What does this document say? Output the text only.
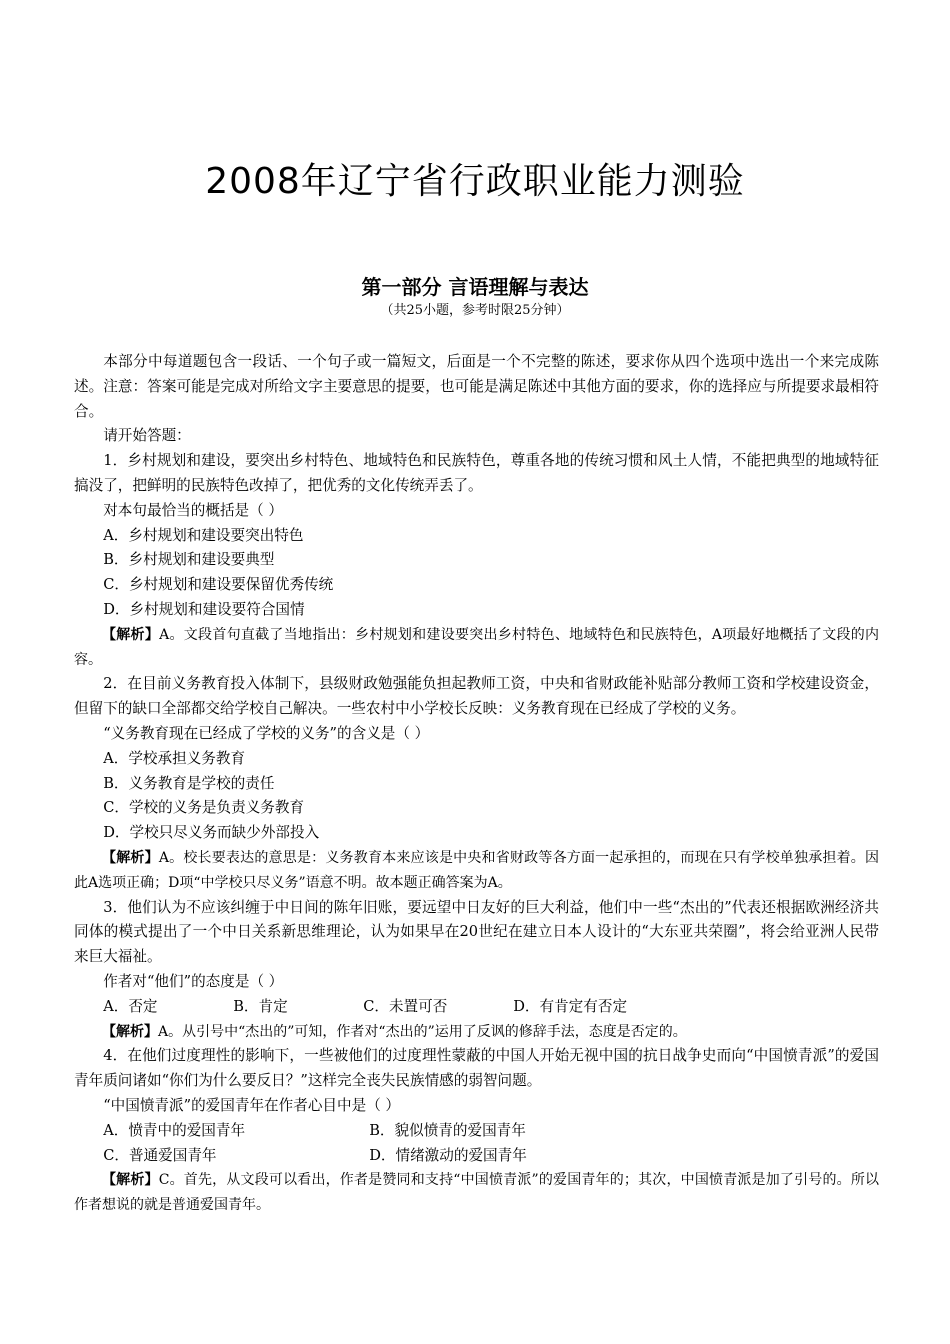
2008年辽宁省行政职业能力测验
第一部分 言语理解与表达
（共25小题，参考时限25分钟）

本部分中每道题包含一段话、一个句子或一篇短文，后面是一个不完整的陈述，要求你从四个选项中选出一个来完成陈述。注意：答案可能是完成对所给文字主要意思的提要，也可能是满足陈述中其他方面的要求，你的选择应与所提要求最相符合。

请开始答题：

1．乡村规划和建设，要突出乡村特色、地域特色和民族特色，尊重各地的传统习惯和风土人情，不能把典型的地域特征搞没了，把鲜明的民族特色改掉了，把优秀的文化传统弄丢了。

对本句最恰当的概括是（ ）

A．乡村规划和建设要突出特色

B．乡村规划和建设要典型

C．乡村规划和建设要保留优秀传统

D．乡村规划和建设要符合国情

【解析】A。文段首句直截了当地指出：乡村规划和建设要突出乡村特色、地域特色和民族特色，A项最好地概括了文段的内容。

2．在目前义务教育投入体制下，县级财政勉强能负担起教师工资，中央和省财政能补贴部分教师工资和学校建设资金，但留下的缺口全部都交给学校自己解决。一些农村中小学校长反映：义务教育现在已经成了学校的义务。

“义务教育现在已经成了学校的义务”的含义是（ ）

A．学校承担义务教育

B．义务教育是学校的责任

C．学校的义务是负责义务教育

D．学校只尽义务而缺少外部投入

【解析】A。校长要表达的意思是：义务教育本来应该是中央和省财政等各方面一起承担的，而现在只有学校单独承担着。因此A选项正确；D项“中学校只尽义务”语意不明。故本题正确答案为A。

3．他们认为不应该纠缠于中日间的陈年旧账，要远望中日友好的巨大利益，他们中一些“杰出的”代表还根据欧洲经济共同体的模式提出了一个中日关系新思维理论，认为如果早在20世纪在建立日本人设计的“大东亚共荣圈”，将会给亚洲人民带来巨大福祉。

作者对“他们”的态度是（ ）

A．否定	B．肯定	C．未置可否	D．有肯定有否定

【解析】A。从引号中“杰出的”可知，作者对“杰出的”运用了反讽的修辞手法，态度是否定的。

4．在他们过度理性的影响下，一些被他们的过度理性蒙蔽的中国人开始无视中国的抗日战争史而向“中国愤青派”的爱国青年质问诸如“你们为什么要反日？”这样完全丧失民族情感的弱智问题。

“中国愤青派”的爱国青年在作者心目中是（ ）

A．愤青中的爱国青年	B．貌似愤青的爱国青年

C．普通爱国青年	D．情绪激动的爱国青年

【解析】C。首先，从文段可以看出，作者是赞同和支持“中国愤青派”的爱国青年的；其次，中国愤青派是加了引号的。所以作者想说的就是普通爱国青年。
